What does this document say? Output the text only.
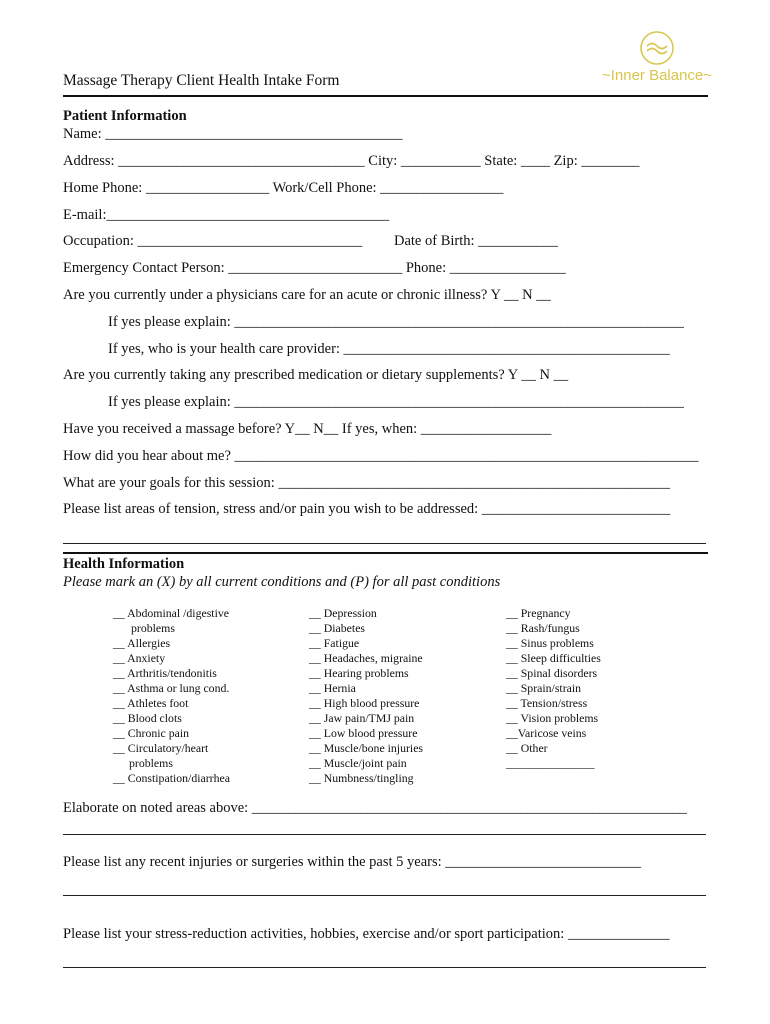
Massage Therapy Client Health Intake Form	~Inner Balance~
Patient Information
Name: _________________________________________
Address: __________________________________ City: ___________ State: ____ Zip: ________
Home Phone: _________________ Work/Cell Phone: _________________
E-mail:_______________________________________
Occupation: _______________________________ Date of Birth: ___________
Emergency Contact Person: ________________________ Phone: ________________
Are you currently under a physicians care for an acute or chronic illness? Y __ N __
If yes please explain: ______________________________________________________________
If yes, who is your health care provider: _____________________________________________
Are you currently taking any prescribed medication or dietary supplements? Y __ N __
If yes please explain: ______________________________________________________________
Have you received a massage before? Y__ N__ If yes, when: __________________
How did you hear about me? ________________________________________________________________
What are your goals for this session: ______________________________________________________
Please list areas of tension, stress and/or pain you wish to be addressed: __________________________
Health Information
Please mark an (X) by all current conditions and (P) for all past conditions
__ Abdominal /digestive
problems
__ Allergies
__ Anxiety
__ Arthritis/tendonitis
__ Asthma or lung cond.
__ Athletes foot
__ Blood clots
__ Chronic pain
__ Circulatory/heart
problems
__ Constipation/diarrhea
__ Depression
__ Diabetes
__ Fatigue
__ Headaches, migraine
__ Hearing problems
__ Hernia
__ High blood pressure
__ Jaw pain/TMJ pain
__ Low blood pressure
__ Muscle/bone injuries
__ Muscle/joint pain
__ Numbness/tingling
__ Pregnancy
__ Rash/fungus
__ Sinus problems
__ Sleep difficulties
__ Spinal disorders
__ Sprain/strain
__ Tension/stress
__ Vision problems
__Varicose veins
__ Other
_______________
Elaborate on noted areas above: ____________________________________________________________
Please list any recent injuries or surgeries within the past 5 years: ___________________________
Please list your stress-reduction activities, hobbies, exercise and/or sport participation: ______________
